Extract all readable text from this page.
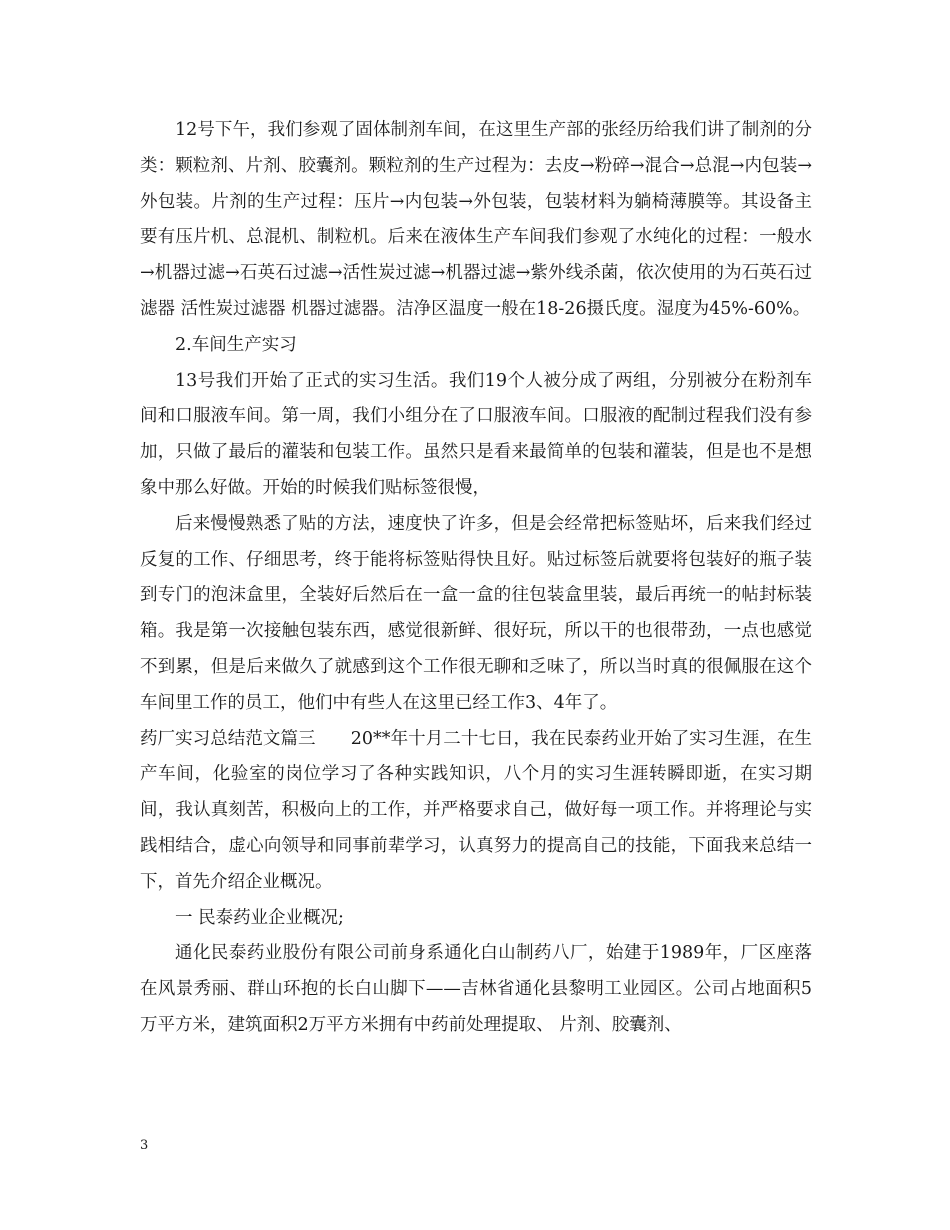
12号下午，我们参观了固体制剂车间，在这里生产部的张经历给我们讲了制剂的分类：颗粒剂、片剂、胶囊剂。颗粒剂的生产过程为：去皮→粉碎→混合→总混→内包装→外包装。片剂的生产过程：压片→内包装→外包装，包装材料为躺椅薄膜等。其设备主要有压片机、总混机、制粒机。后来在液体生产车间我们参观了水纯化的过程：一般水→机器过滤→石英石过滤→活性炭过滤→机器过滤→紫外线杀菌，依次使用的为石英石过滤器 活性炭过滤器 机器过滤器。洁净区温度一般在18-26摄氏度。湿度为45%-60%。

2.车间生产实习

13号我们开始了正式的实习生活。我们19个人被分成了两组，分别被分在粉剂车间和口服液车间。第一周，我们小组分在了口服液车间。口服液的配制过程我们没有参加，只做了最后的灌装和包装工作。虽然只是看来最简单的包装和灌装，但是也不是想象中那么好做。开始的时候我们贴标签很慢，

后来慢慢熟悉了贴的方法，速度快了许多，但是会经常把标签贴坏，后来我们经过反复的工作、仔细思考，终于能将标签贴得快且好。贴过标签后就要将包装好的瓶子装到专门的泡沫盒里，全装好后然后在一盒一盒的往包装盒里装，最后再统一的帖封标装箱。我是第一次接触包装东西，感觉很新鲜、很好玩，所以干的也很带劲，一点也感觉不到累，但是后来做久了就感到这个工作很无聊和乏味了，所以当时真的很佩服在这个车间里工作的员工，他们中有些人在这里已经工作3、4年了。

药厂实习总结范文篇三　　20**年十月二十七日，我在民泰药业开始了实习生涯，在生产车间，化验室的岗位学习了各种实践知识，八个月的实习生涯转瞬即逝，在实习期间，我认真刻苦，积极向上的工作，并严格要求自己，做好每一项工作。并将理论与实践相结合，虚心向领导和同事前辈学习，认真努力的提高自己的技能，下面我来总结一下，首先介绍企业概况。

一 民泰药业企业概况;

通化民泰药业股份有限公司前身系通化白山制药八厂，始建于1989年，厂区座落在风景秀丽、群山环抱的长白山脚下——吉林省通化县黎明工业园区。公司占地面积5万平方米，建筑面积2万平方米拥有中药前处理提取、 片剂、胶囊剂、

3
